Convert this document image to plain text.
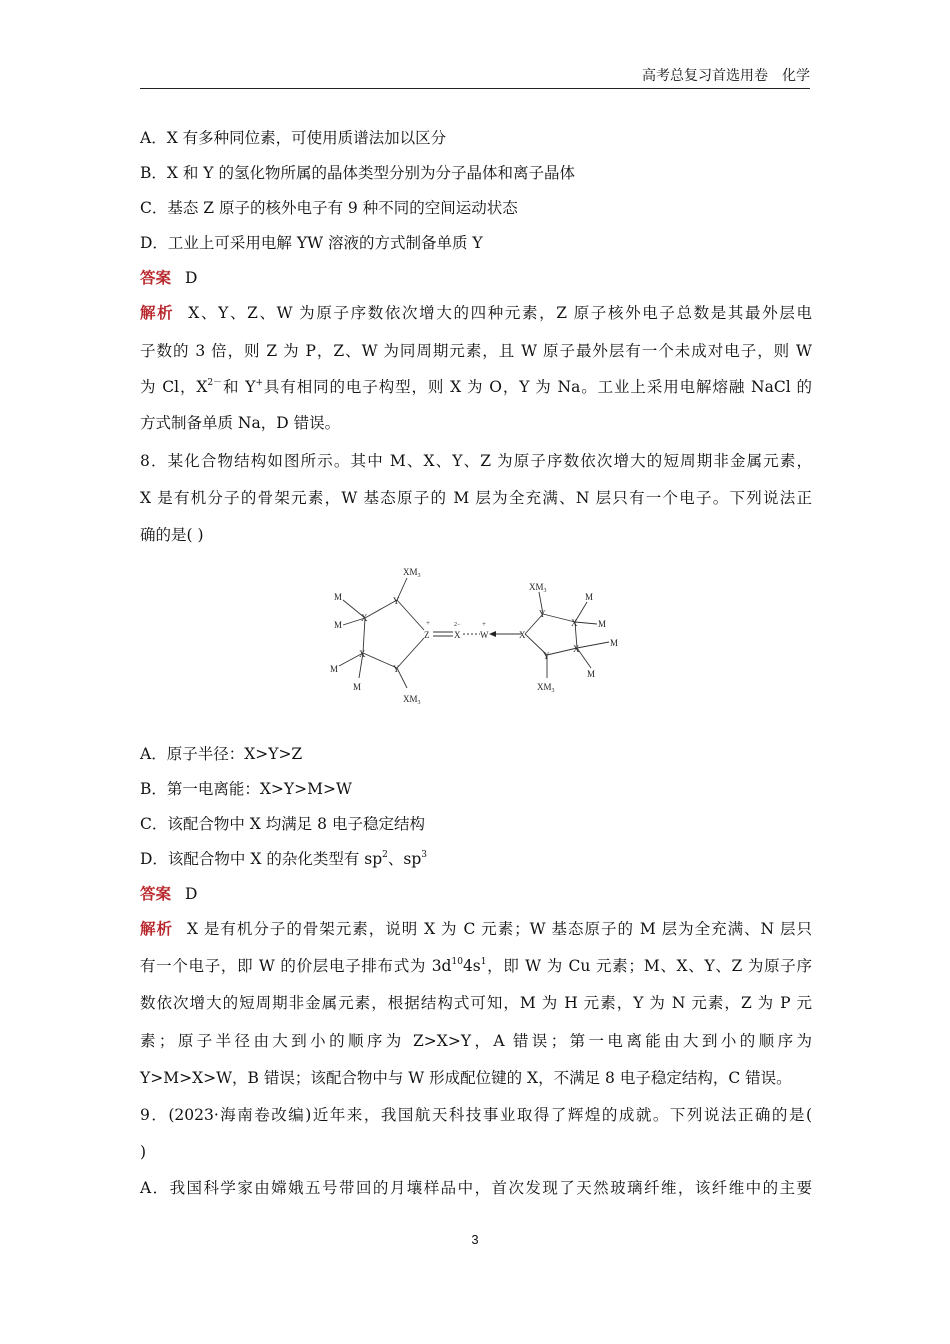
高考总复习首选用卷 化学
A．X 有多种同位素，可使用质谱法加以区分
B．X 和 Y 的氢化物所属的晶体类型分别为分子晶体和离子晶体
C．基态 Z 原子的核外电子有 9 种不同的空间运动状态
D．工业上可采用电解 YW 溶液的方式制备单质 Y
答案 D
解析 X、Y、Z、W 为原子序数依次增大的四种元素，Z 原子核外电子总数是其最外层电
子数的 3 倍，则 Z 为 P，Z、W 为同周期元素，且 W 原子最外层有一个未成对电子，则 W
为 Cl，$X^{2-}$和 Y+具有相同的电子构型，则 X 为 O，Y 为 Na。工业上采用电解熔融 NaCl 的
方式制备单质 Na，D 错误。
8．某化合物结构如图所示。其中 M、X、Y、Z 为原子序数依次增大的短周期非金属元素，
X 是有机分子的骨架元素，W 基态原子的 M 层为全充满、N 层只有一个电子。下列说法正
确的是( )
$XM_3$
Y
X
M
M
X
M
M
Y
$XM_3$
Z
+
X
2−
W
+
X
Y
$XM_3$
X
M
M
Y
X
M
M
$XM_3$
A．原子半径：X>Y>Z
B．第一电离能：X>Y>M>W
C．该配合物中 X 均满足 8 电子稳定结构
D．该配合物中 X 的杂化类型有 $sp^2$、$sp^3$
答案 D
解析 X 是有机分子的骨架元素，说明 X 为 C 元素；W 基态原子的 M 层为全充满、N 层只
有一个电子，即 W 的价层电子排布式为 $3d^{10}4s^1$，即 W 为 Cu 元素；M、X、Y、Z 为原子序
数依次增大的短周期非金属元素，根据结构式可知，M 为 H 元素，Y 为 N 元素，Z 为 P 元
素；原子半径由大到小的顺序为 Z>X>Y，A 错误；第一电离能由大到小的顺序为
Y>M>X>W，B 错误；该配合物中与 W 形成配位键的 X，不满足 8 电子稳定结构，C 错误。
9．(2023·海南卷改编)近年来，我国航天科技事业取得了辉煌的成就。下列说法正确的是(
)
A．我国科学家由嫦娥五号带回的月壤样品中，首次发现了天然玻璃纤维，该纤维中的主要
3
